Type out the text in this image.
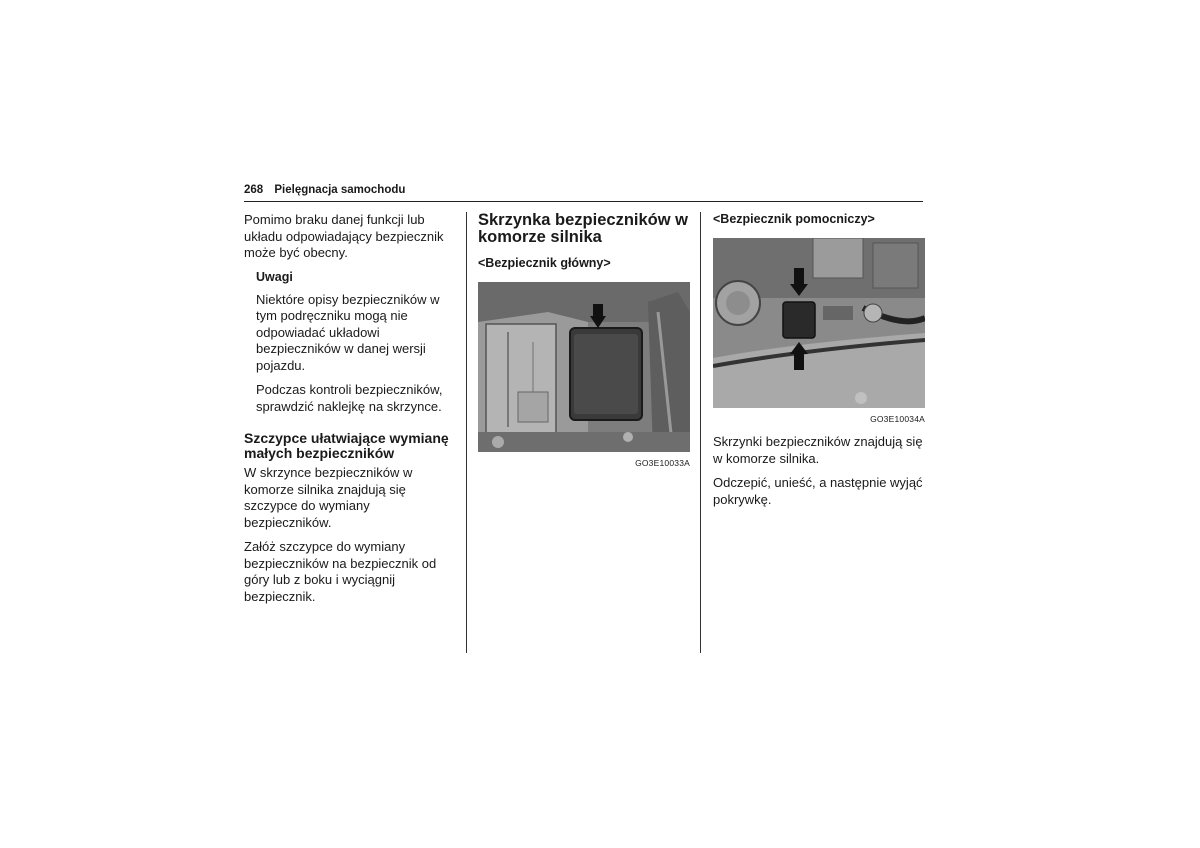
268 Pielęgnacja samochodu

Pomimo braku danej funkcji lub układu odpowiadający bezpiecznik może być obecny.

Uwagi

Niektóre opisy bezpieczników w tym podręczniku mogą nie odpowiadać układowi bezpieczników w danej wersji pojazdu.

Podczas kontroli bezpieczników, sprawdzić naklejkę na skrzynce.

Szczypce ułatwiające wymianę małych bezpieczników

W skrzynce bezpieczników w komorze silnika znajdują się szczypce do wymiany bezpieczników.

Załóż szczypce do wymiany bezpieczników na bezpiecznik od góry lub z boku i wyciągnij bezpiecznik.

Skrzynka bezpieczników w komorze silnika
<Bezpiecznik główny>
GO3E10033A
<Bezpiecznik pomocniczy>
GO3E10034A

Skrzynki bezpieczników znajdują się w komorze silnika.

Odczepić, unieść, a następnie wyjąć pokrywkę.
